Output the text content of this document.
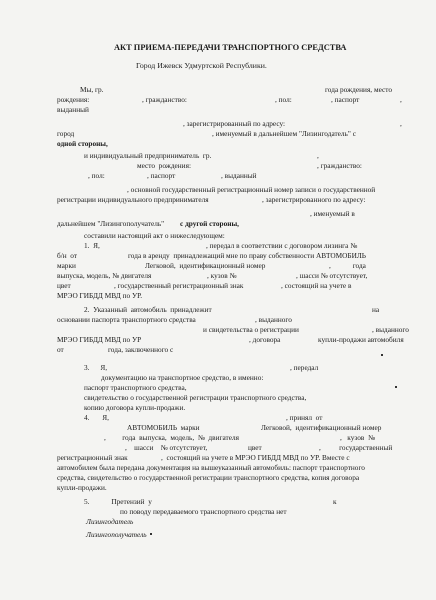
АКТ ПРИЕМА-ПЕРЕДАЧИ ТРАНСПОРТНОГО СРЕДСТВА
Город Ижевск Удмуртской Республики.
Мы, гр.	года рождения, место
рождения:	, гражданство:	, пол:	, паспорт	,
выданный
, зарегистрированный по адресу:	,
город	, именуемый в дальнейшем "Лизингодатель" с
и индивидуальный предприниматель  гр.	,
место  рождения:	, гражданство:
, пол:	, паспорт	, выданный
, основной государственный регистрационный номер записи о государственной
регистрации индивидуального предпринимателя	, зарегистрированного по адресу:
, именуемый в
дальнейшем "Лизингополучатель"
составили настоящий акт о нижеследующем:
1.  Я,	, передал в соответствии с договором лизинга №
б/н  от	года в аренду  принадлежащий мне по праву собственности АВТОМОБИЛЬ
марки	Легковой,  идентификационный номер	,            года
выпуска, модель, № двигателя	, кузов №	, шасси № отсутствует,
цвет	, государственный регистрационный знак	, состоящий на учете в
МРЭО ГИБДД МВД по УР.
2.  Указанный  автомобиль  принадлежит	на
основании паспорта транспортного средства	, выданного
и свидетельства о регистрации	, выданного
МРЭО ГИБДД МВД по УР	, договора	купли-продажи автомобиля
от	года, заключенного с
3.      Я,	, передал
документацию на транспортное средство, в именно:
паспорт транспортного средства,
свидетельство о государственной регистрации транспортного средства,
копию договора купли-продажи.
4.       Я,	, принял  от
АВТОМОБИЛЬ  марки	Легковой,  идентификационный номер
,         года  выпуска,  модель,  №  двигателя	,   кузов  №
,    шасси    № отсутствует,	цвет	,          государственный
регистрационный знак	,  состоящий на учете в МРЭО ГИБДД МВД по УР. Вместе с
автомобилем была передана документация на вышеуказанный автомобиль: паспорт транспортного
средства, свидетельство о государственной регистрации транспортного средства, копия договора
купли-продажи.
5.            Претензий  у	к
по поводу передаваемого транспортного средства нет
одной стороны,
с другой стороны,
Лизингодатель
Лизингополучатель
